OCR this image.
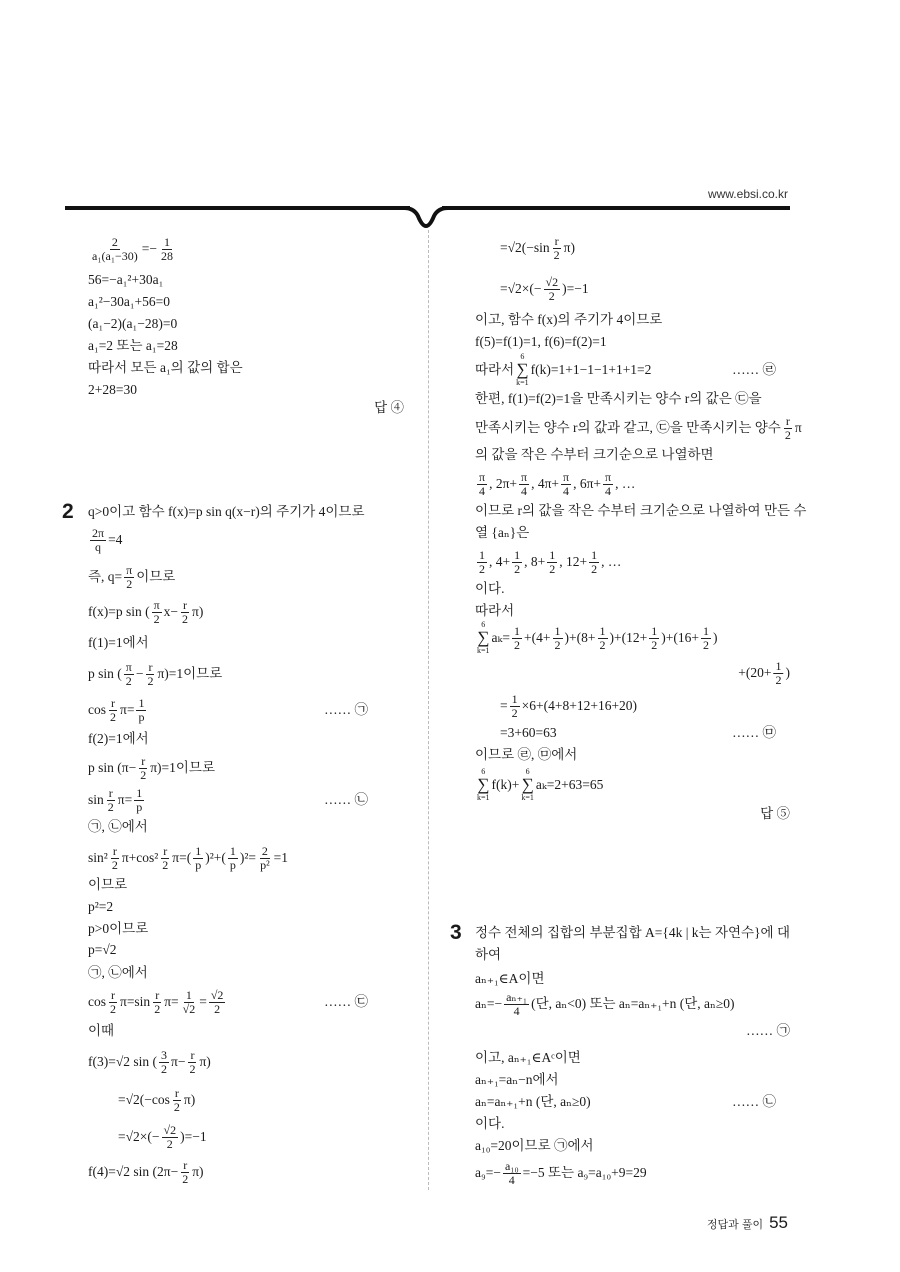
www.ebsi.co.kr
2
3
$\frac{2}{\text{a₁(a₁−30)}} =- \frac{1}{28}$
56=−a₁²+30a₁
a₁²−30a₁+56=0
(a₁−2)(a₁−28)=0
a₁=2 또는 a₁=28
따라서 모든 a₁의 값의 합은
2+28=30
답 ④
q>0이고 함수 f(x)=p sin q(x−r)의 주기가 4이므로
$\frac{2\pi}{q} =4$
즉, $q= \frac{\pi}{2}$ 이므로
f(x)=p sin ( $\frac{\pi}{2} x- \frac{r}{2} \pi$)
f(1)=1에서
p sin ( $\frac{\pi}{2} - \frac{r}{2} \pi)=1$이므로
$\cos \frac{r}{2} \pi= \frac{1}{p}$	…… ㉠
f(2)=1에서
p $\sin (\pi- \frac{r}{2} \pi)=1$이므로
$\sin \frac{r}{2} \pi= \frac{1}{p}$	…… ㉡
㉠, ㉡에서
$\sin^2 \frac{r}{2} \pi+\cos^2 \frac{r}{2} \pi=( \frac{1}{p} )^2+( \frac{1}{p} )^2= \frac{2}{\text{p²}} =1$
이므로
p²=2
p>0이므로
p=√2
㉠, ㉡에서
$\cos \frac{r}{2} \pi=\sin \frac{r}{2} \pi= \frac{1}{√2} = \frac{√2}{2}$	…… ㉢
이때
f(3)=√2 sin ( $\frac{3}{2} \pi- \frac{r}{2} \pi$)
$=√2(-\cos \frac{r}{2} \pi)$
$=√2\times(- \frac{√2}{2} )=-1$
f(4)=√2 $\sin (2\pi- \frac{r}{2} \pi)$
$=√2(-\sin \frac{r}{2} \pi)$
$=√2\times(- \frac{√2}{2} )=-1$
이고, 함수 f(x)의 주기가 4이므로
f(5)=f(1)=1, f(6)=f(2)=1
따라서
6
∑
k=1
f(k)=1+1−1−1+1+1=2	…… ㉣
한편, f(1)=f(2)=1을 만족시키는 양수 r의 값은 ㉢을
만족시키는 양수 r의 값과 같고, ㉢을 만족시키는 양수 $\frac{r}{2}$ π
의 값을 작은 수부터 크기순으로 나열하면
$\frac{\pi}{4}$ , $2\pi+ \frac{\pi}{4}$ , $4\pi+ \frac{\pi}{4}$ , $6\pi+ \frac{\pi}{4}$ , …
이므로 r의 값을 작은 수부터 크기순으로 나열하여 만든 수
열 {aₙ}은
$\frac{1}{2}$ , $4+ \frac{1}{2}$ , $8+ \frac{1}{2}$ , $12+ \frac{1}{2}$ , …
이다.
따라서
6
∑
k=1
$a_k= \frac{1}{2} +(4+ \frac{1}{2} )+(8+ \frac{1}{2} )+(12+ \frac{1}{2} )+(16+ \frac{1}{2}$ )
$+(20+ \frac{1}{2}$ )
= $\frac{1}{2} \times 6+(4+8+12+16+20)$
=3+60=63	…… ㉤
이므로 ㉣, ㉤에서
6
∑
k=1
f(k)+
6
∑
k=1
aₖ=2+63=65
답 ⑤
정수 전체의 집합의 부분집합 A={4k | k는 자연수}에 대
하여
aₙ₊₁∈A이면
$a_n=- \frac{\text{aₙ₊₁}}{4}$ (단, aₙ<0) 또는 aₙ=aₙ₊₁+n (단, aₙ≥0)
…… ㉠
이고, aₙ₊₁∈Aᶜ이면
aₙ₊₁=aₙ−n에서
aₙ=aₙ₊₁+n (단, aₙ≥0)	…… ㉡
이다.
a₁₀=20이므로 ㉠에서
$a_9=- \frac{\text{a₁₀}}{4} =-5$ 또는 a₉=a₁₀+9=29
정답과 풀이 55
